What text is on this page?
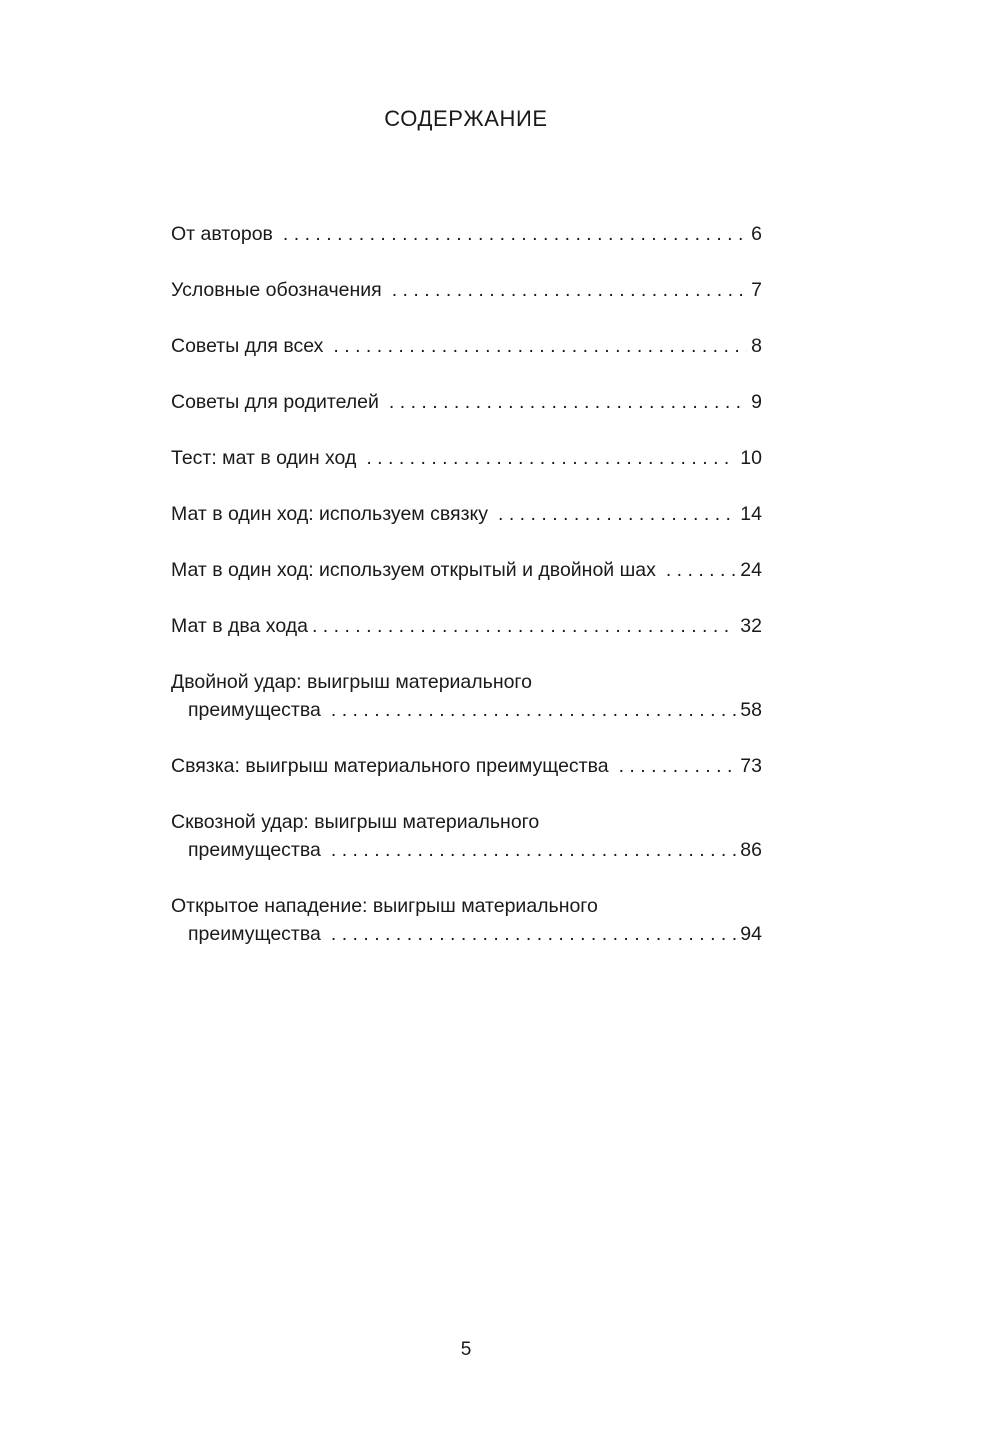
СОДЕРЖАНИЕ
От авторов . . .	6
Условные обозначения . . .	7
Советы для всех . . .	8
Советы для родителей . . .	9
Тест: мат в один ход . . .	10
Мат в один ход: используем связку . . .	14
Мат в один ход: используем открытый и двойной шах . . .	24
Мат в два хода . . .	32
Двойной удар: выигрыш материального
преимущества . . .	58
Связка: выигрыш материального преимущества . . .	73
Сквозной удар: выигрыш материального
преимущества . . .	86
Открытое нападение: выигрыш материального
преимущества . . .	94
5
